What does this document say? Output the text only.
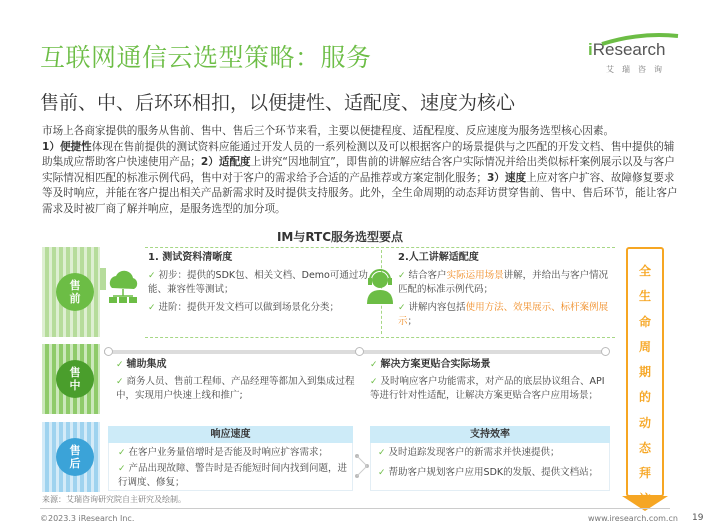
互联网通信云选型策略：服务	iResearch
艾瑞咨询
售前、中、后环环相扣，以便捷性、适配度、速度为核心

市场上各商家提供的服务从售前、售中、售后三个环节来看，主要以便捷程度、适配程度、反应速度为服务选型核心因素。

1）便捷性体现在售前提供的测试资料应能通过开发人员的一系列检测以及可以根据客户的场景提供与之匹配的开发文档、售中提供的辅助集成应帮助客户快速使用产品；2）适配度上讲究“因地制宜”，即售前的讲解应结合客户实际情况并给出类似标杆案例展示以及与客户实际情况相匹配的标准示例代码，售中对于客户的需求给予合适的产品推荐或方案定制化服务；3）速度上应对客户扩容、故障修复要求等及时响应，并能在客户提出相关产品新需求时及时提供支持服务。此外，全生命周期的动态拜访贯穿售前、售中、售后环节，能让客户需求及时被厂商了解并响应，是服务选型的加分项。

IM与RTC服务选型要点
售
前
售
中
售
后
1. 测试资料清晰度
✓ 初步：提供的SDK包、相关文档、Demo可通过功能、兼容性等测试；
✓ 进阶：提供开发文档可以做到场景化分类；
2.人工讲解适配度
✓ 结合客户实际运用场景讲解，并给出与客户情况匹配的标准示例代码；
✓ 讲解内容包括使用方法、效果展示、标杆案例展示；
✓ 辅助集成
✓ 商务人员、售前工程师、产品经理等都加入到集成过程中，实现用户快速上线和推广;
✓ 解决方案更贴合实际场景
✓ 及时响应客户功能需求，对产品的底层协议组合、API等进行针对性适配，让解决方案更贴合客户应用场景；
响应速度	支持效率
✓ 在客户业务量倍增时是否能及时响应扩容需求；
✓ 产品出现故障、警告时是否能短时间内找到问题，进行调度、修复；
✓ 及时追踪发现客户的新需求并快速提供；
✓ 帮助客户规划客户应用SDK的发版、提供文档站；
全
生
命
周
期
的
动
态
拜
访
来源：艾瑞咨询研究院自主研究及绘制。
©2023.3 iResearch Inc.	www.iresearch.com.cn 19
